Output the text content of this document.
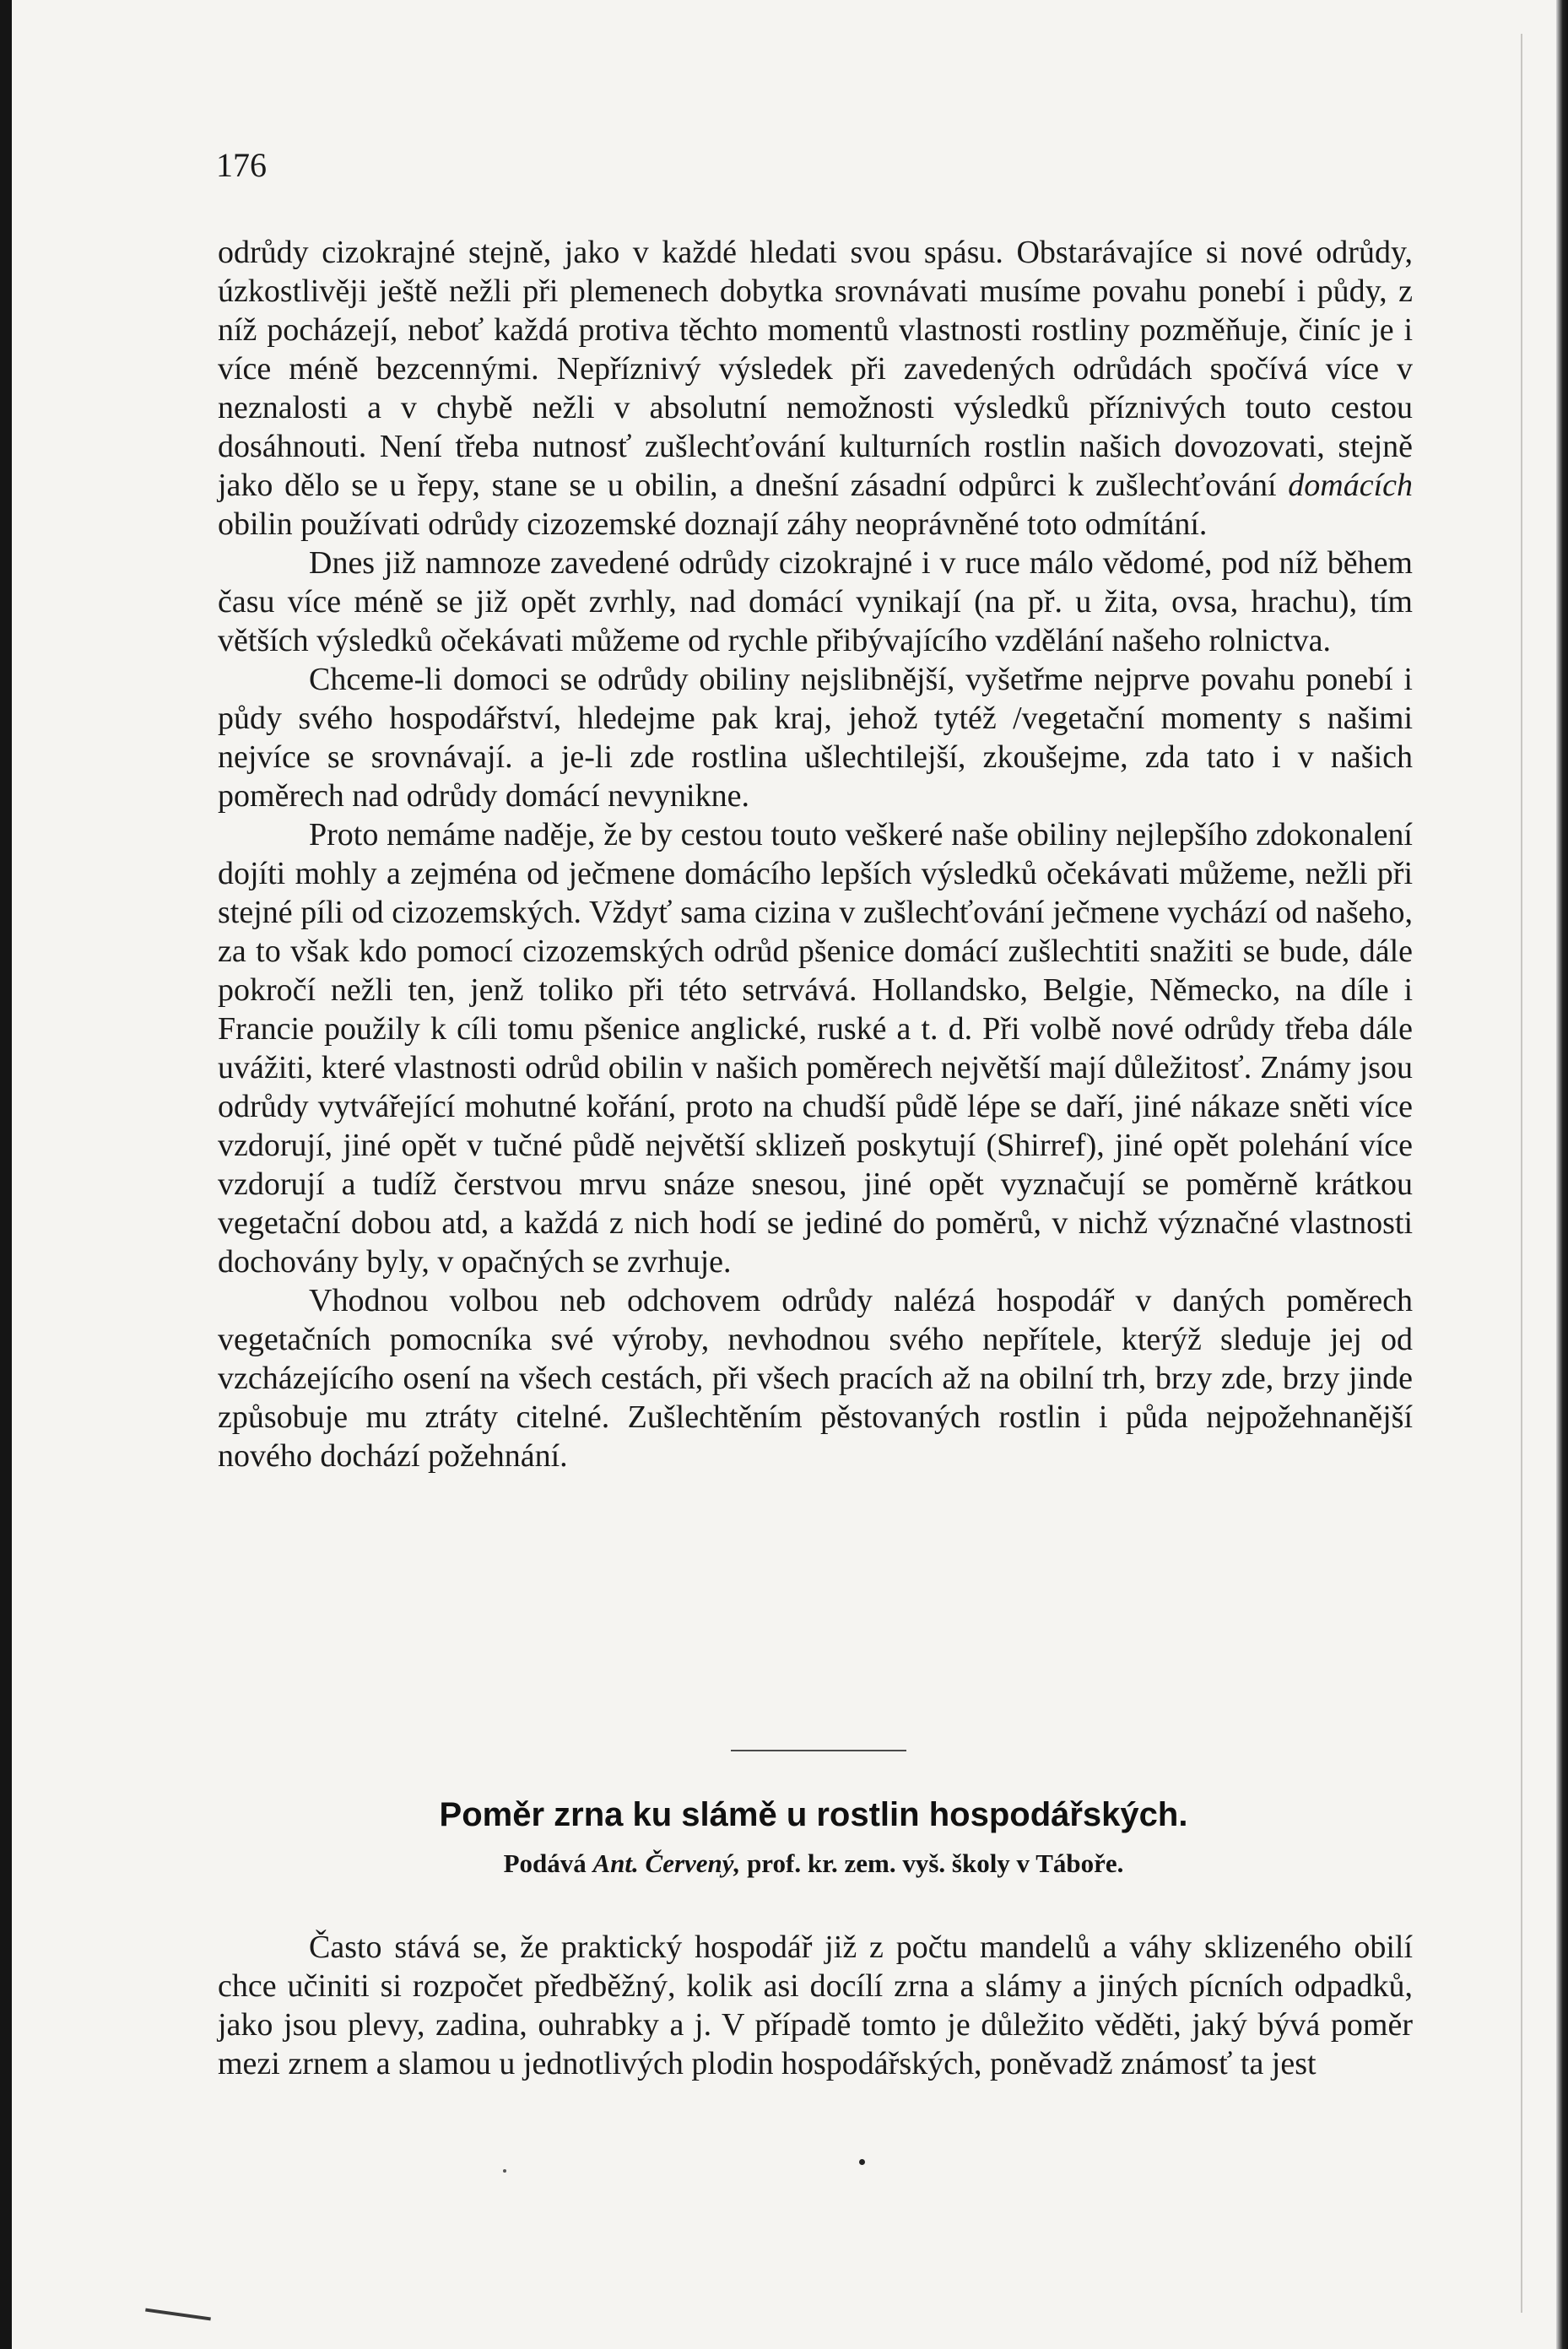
176

odrůdy cizokrajné stejně, jako v každé hledati svou spásu. Obstarávajíce si nové odrůdy, úzkostlivěji ještě nežli při plemenech dobytka srovnávati musíme povahu ponebí i půdy, z níž pocházejí, neboť každá protiva těchto momentů vlastnosti rostliny pozměňuje, činíc je i více méně bezcennými. Nepříznivý výsledek při zavedených odrůdách spočívá více v neznalosti a v chybě nežli v absolutní nemožnosti výsledků příznivých touto cestou dosáhnouti. Není třeba nutnosť zušlechťování kulturních rostlin našich dovozovati, stejně jako dělo se u řepy, stane se u obilin, a dnešní zásadní odpůrci k zušlechťování domácích obilin používati odrůdy cizozemské doznají záhy neoprávněné toto odmítání.

Dnes již namnoze zavedené odrůdy cizokrajné i v ruce málo vědomé, pod níž během času více méně se již opět zvrhly, nad domácí vynikají (na př. u žita, ovsa, hrachu), tím větších výsledků očekávati můžeme od rychle přibývajícího vzdělání našeho rolnictva.

Chceme-li domoci se odrůdy obiliny nejslibnější, vyšetřme nejprve povahu ponebí i půdy svého hospodářství, hledejme pak kraj, jehož tytéž /vegetační momenty s našimi nejvíce se srovnávají. a je-li zde rostlina ušlechtilejší, zkoušejme, zda tato i v našich poměrech nad odrůdy domácí nevynikne.

Proto nemáme naděje, že by cestou touto veškeré naše obiliny nejlepšího zdokonalení dojíti mohly a zejména od ječmene domácího lepších výsledků očekávati můžeme, nežli při stejné píli od cizozemských. Vždyť sama cizina v zušlechťování ječmene vychází od našeho, za to však kdo pomocí cizozemských odrůd pšenice domácí zušlechtiti snažiti se bude, dále pokročí nežli ten, jenž toliko při této setrvává. Hollandsko, Belgie, Německo, na díle i Francie použily k cíli tomu pšenice anglické, ruské a t. d. Při volbě nové odrůdy třeba dále uvážiti, které vlastnosti odrůd obilin v našich poměrech největší mají důležitosť. Známy jsou odrůdy vytvářející mohutné kořání, proto na chudší půdě lépe se daří, jiné nákaze sněti více vzdorují, jiné opět v tučné půdě největší sklizeň poskytují (Shirref), jiné opět polehání více vzdorují a tudíž čerstvou mrvu snáze snesou, jiné opět vyznačují se poměrně krátkou vegetační dobou atd, a každá z nich hodí se jediné do poměrů, v nichž význačné vlastnosti dochovány byly, v opačných se zvrhuje.

Vhodnou volbou neb odchovem odrůdy nalézá hospodář v daných poměrech vegetačních pomocníka své výroby, nevhodnou svého nepřítele, kterýž sleduje jej od vzcházejícího osení na všech cestách, při všech pracích až na obilní trh, brzy zde, brzy jinde způsobuje mu ztráty citelné. Zušlechtěním pěstovaných rostlin i půda nejpožehnanější nového dochází požehnání.

Poměr zrna ku slámě u rostlin hospodářských.
Podává Ant. Červený, prof. kr. zem. vyš. školy v Táboře.

Často stává se, že praktický hospodář již z počtu mandelů a váhy sklizeného obilí chce učiniti si rozpočet předběžný, kolik asi docílí zrna a slámy a jiných pícních odpadků, jako jsou plevy, zadina, ouhrabky a j. V případě tomto je důležito věděti, jaký bývá poměr mezi zrnem a slamou u jednotlivých plodin hospodářských, poněvadž známosť ta jest
